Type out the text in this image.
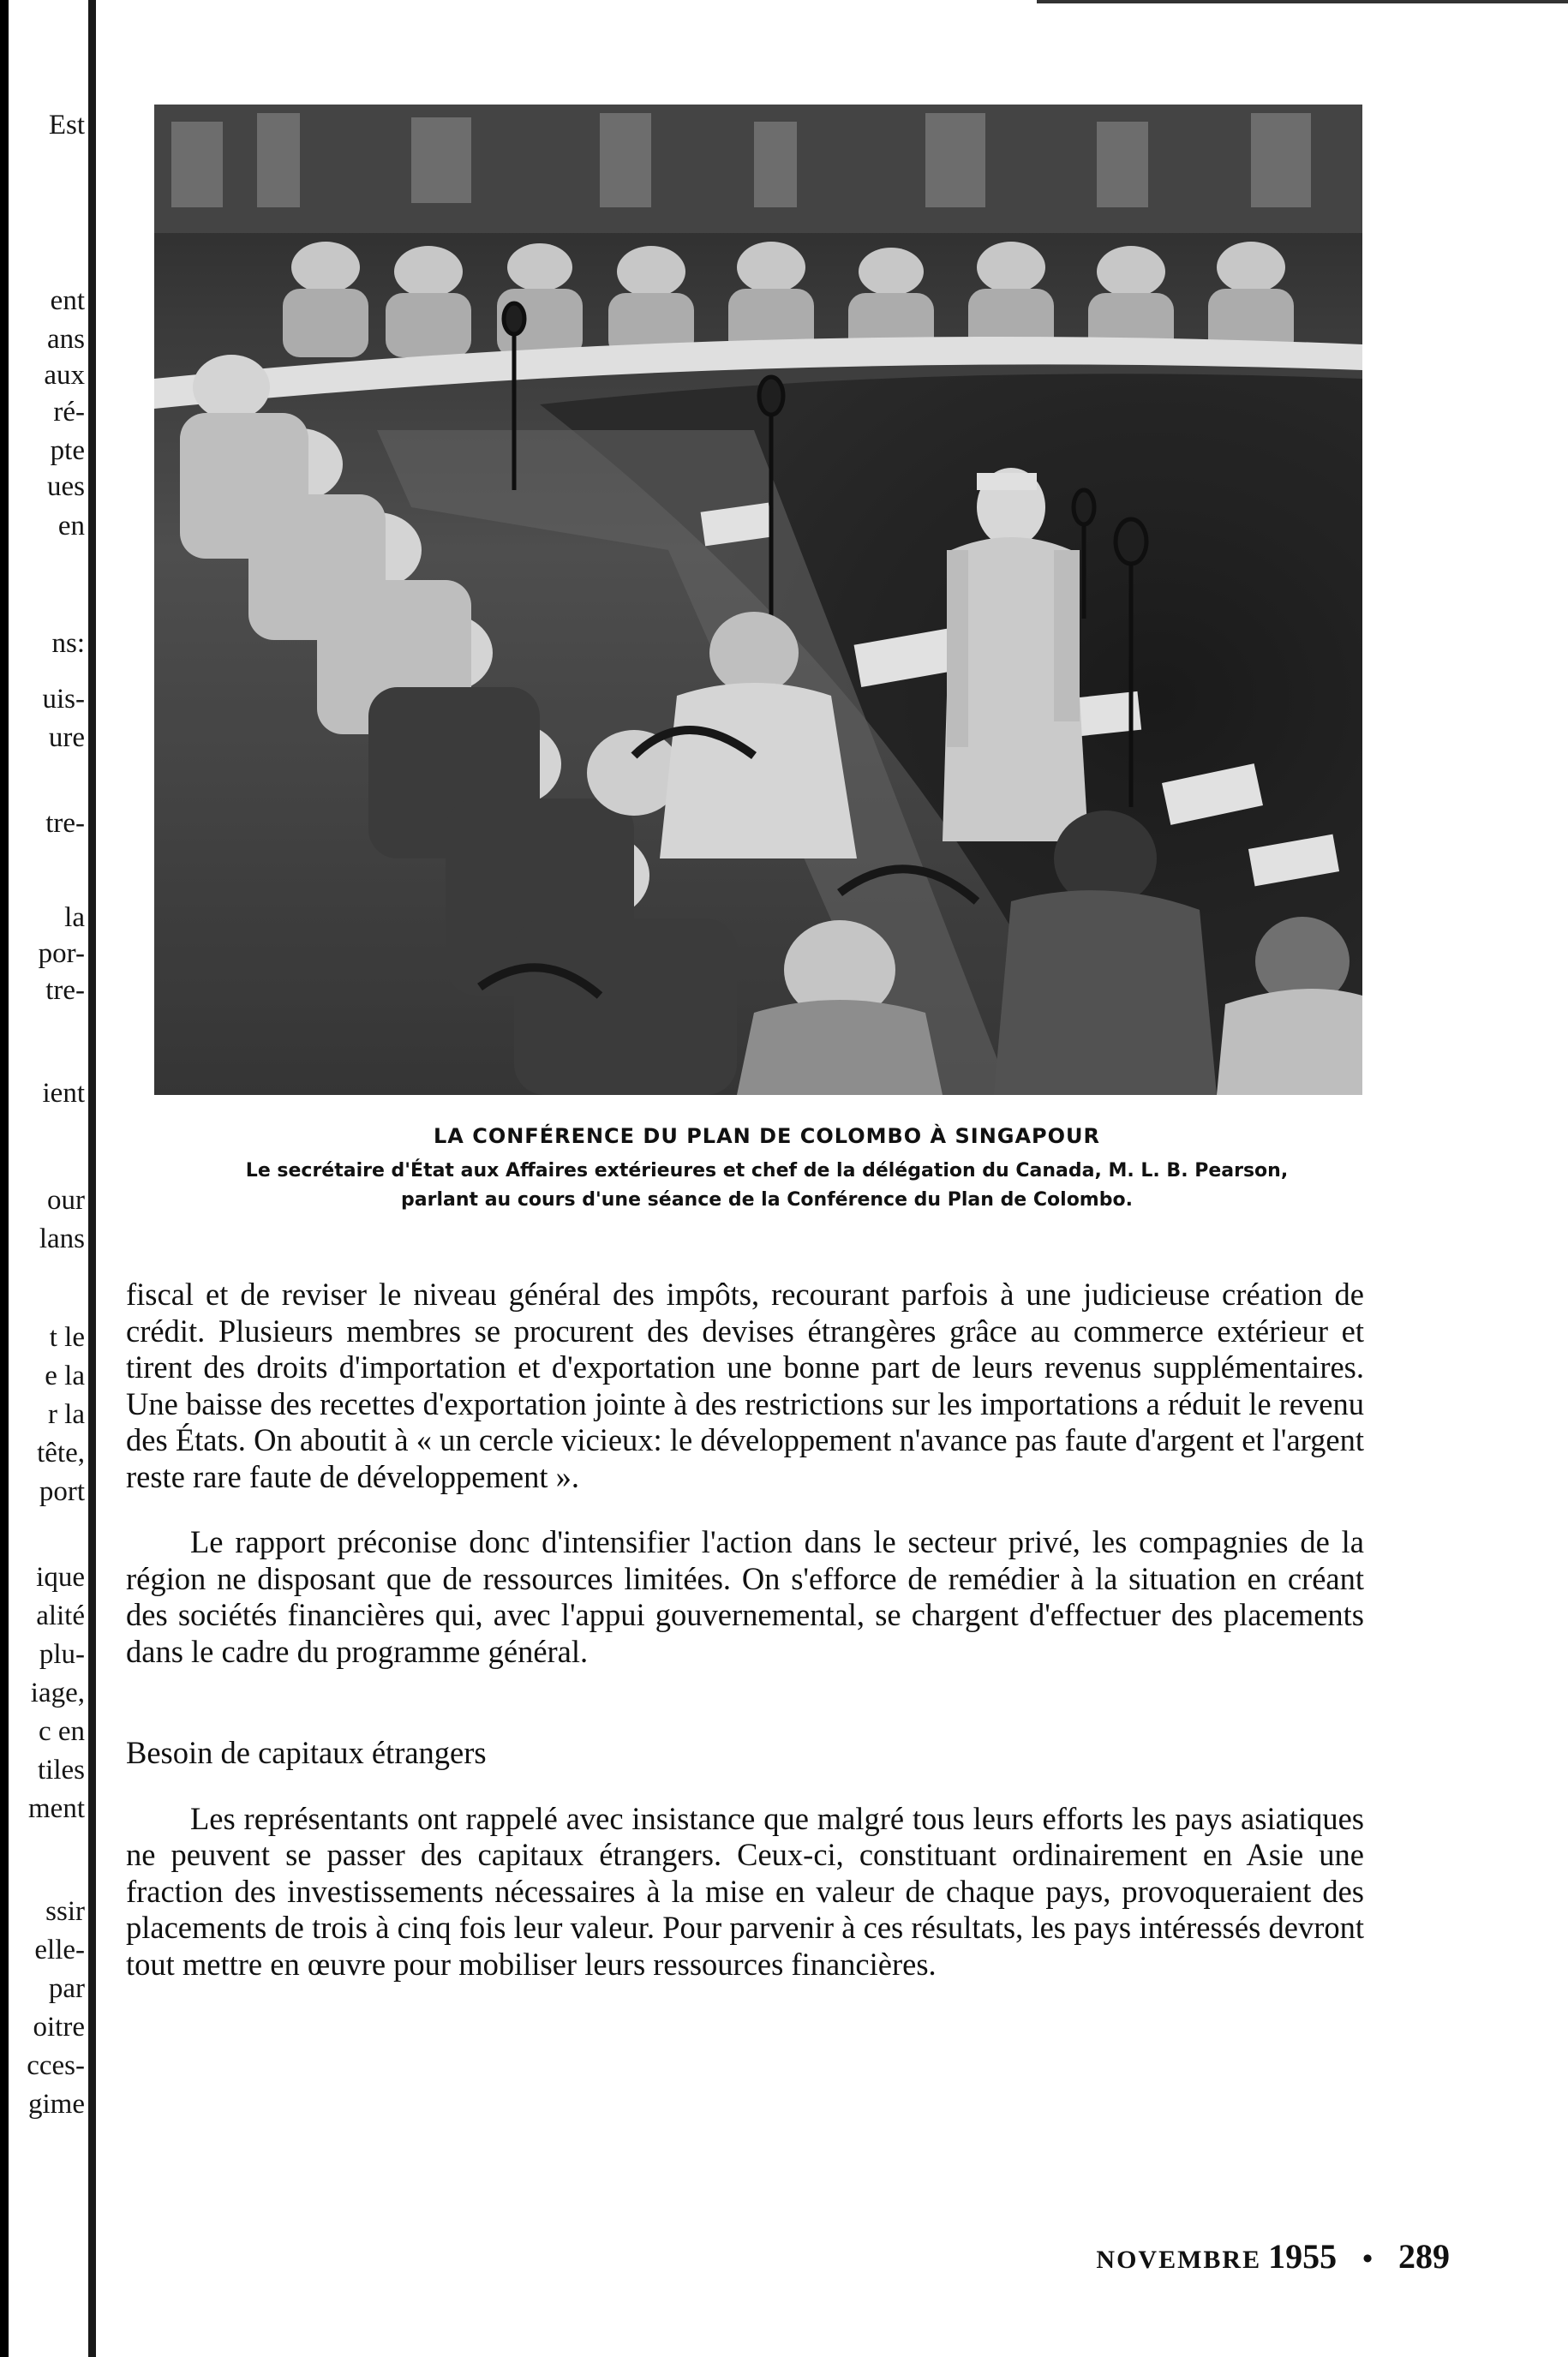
Est
ent
ans
aux
ré-
pte
ues
en
ns:
uis-
ure
tre-
la
por-
tre-
ient
our
lans
t le
e la
r la
tête,
port
ique
alité
plu-
iage,
c en
tiles
ment
ssir
elle-
par
oitre
cces-
gime
LA CONFÉRENCE DU PLAN DE COLOMBO À SINGAPOUR
Le secrétaire d'État aux Affaires extérieures et chef de la délégation du Canada, M. L. B. Pearson,
parlant au cours d'une séance de la Conférence du Plan de Colombo.

fiscal et de reviser le niveau général des impôts, recourant parfois à une judicieuse création de crédit. Plusieurs membres se procurent des devises étrangères grâce au commerce extérieur et tirent des droits d'importation et d'exportation une bonne part de leurs revenus supplémentaires. Une baisse des recettes d'exportation jointe à des restrictions sur les importations a réduit le revenu des États. On aboutit à « un cercle vicieux: le développement n'avance pas faute d'argent et l'argent reste rare faute de développement ».

Le rapport préconise donc d'intensifier l'action dans le secteur privé, les compagnies de la région ne disposant que de ressources limitées. On s'efforce de remédier à la situation en créant des sociétés financières qui, avec l'appui gouvernemental, se chargent d'effectuer des placements dans le cadre du programme général.

Besoin de capitaux étrangers

Les représentants ont rappelé avec insistance que malgré tous leurs efforts les pays asiatiques ne peuvent se passer des capitaux étrangers. Ceux-ci, constituant ordinairement en Asie une fraction des investissements nécessaires à la mise en valeur de chaque pays, provoqueraient des placements de trois à cinq fois leur valeur. Pour parvenir à ces résultats, les pays intéressés devront tout mettre en œuvre pour mobiliser leurs ressources financières.

NOVEMBRE 1955 • 289
